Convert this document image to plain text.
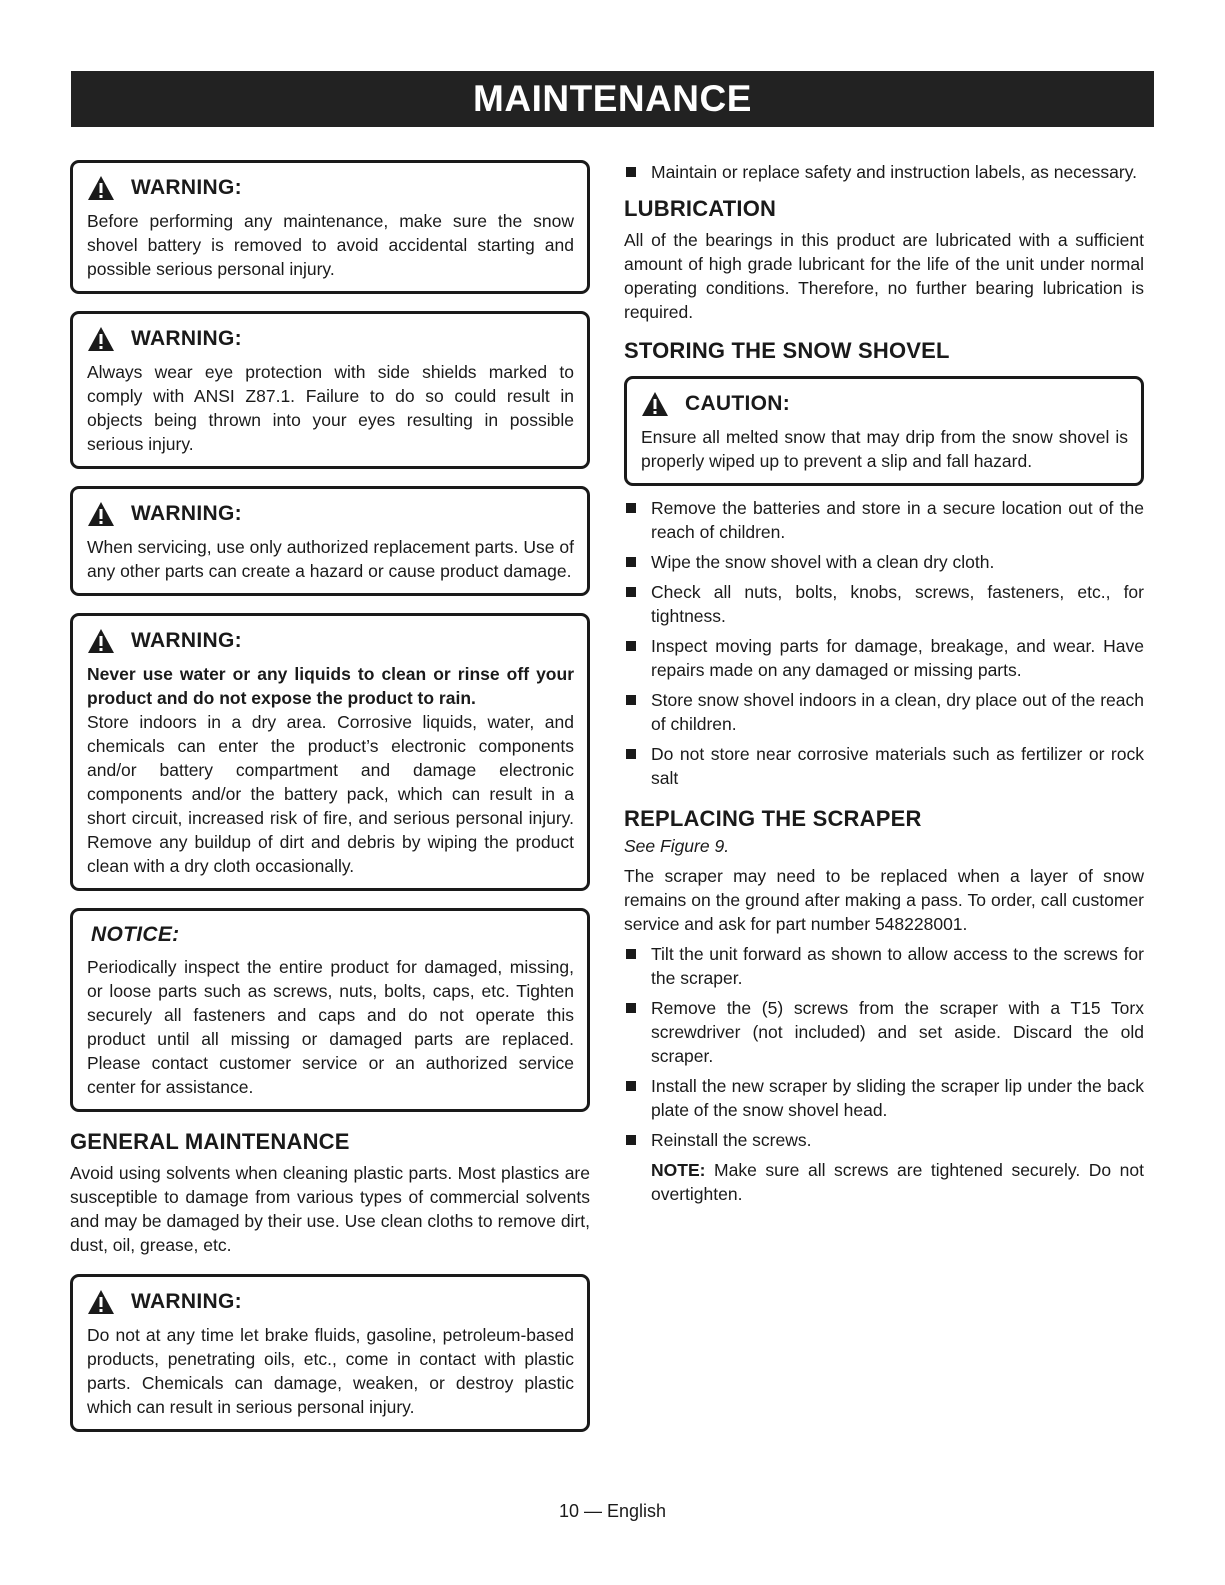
MAINTENANCE
WARNING:

Before performing any maintenance, make sure the snow shovel battery is removed to avoid accidental starting and possible serious personal injury.

WARNING:

Always wear eye protection with side shields marked to comply with ANSI Z87.1. Failure to do so could result in objects being thrown into your eyes resulting in possible serious injury.

WARNING:

When servicing, use only authorized replacement parts. Use of any other parts can create a hazard or cause product damage.

WARNING:

Never use water or any liquids to clean or rinse off your product and do not expose the product to rain.

Store indoors in a dry area. Corrosive liquids, water, and chemicals can enter the product’s electronic components and/or battery compartment and damage electronic components and/or the battery pack, which can result in a short circuit, increased risk of fire, and serious personal injury. Remove any buildup of dirt and debris by wiping the product clean with a dry cloth occasionally.

NOTICE:

Periodically inspect the entire product for damaged, missing, or loose parts such as screws, nuts, bolts, caps, etc. Tighten securely all fasteners and caps and do not operate this product until all missing or damaged parts are replaced. Please contact customer service or an authorized service center for assistance.

GENERAL MAINTENANCE

Avoid using solvents when cleaning plastic parts. Most plastics are susceptible to damage from various types of commercial solvents and may be damaged by their use. Use clean cloths to remove dirt, dust, oil, grease, etc.

WARNING:

Do not at any time let brake fluids, gasoline, petroleum-based products, penetrating oils, etc., come in contact with plastic parts. Chemicals can damage, weaken, or destroy plastic which can result in serious personal injury.

Maintain or replace safety and instruction labels, as necessary.
LUBRICATION

All of the bearings in this product are lubricated with a sufficient amount of high grade lubricant for the life of the unit under normal operating conditions. Therefore, no further bearing lubrication is required.

STORING THE SNOW SHOVEL
CAUTION:

Ensure all melted snow that may drip from the snow shovel is properly wiped up to prevent a slip and fall hazard.

Remove the batteries and store in a secure location out of the reach of children.
Wipe the snow shovel with a clean dry cloth.
Check all nuts, bolts, knobs, screws, fasteners, etc., for tightness.
Inspect moving parts for damage, breakage, and wear. Have repairs made on any damaged or missing parts.
Store snow shovel indoors in a clean, dry place out of the reach of children.
Do not store near corrosive materials such as fertilizer or rock salt
REPLACING THE SCRAPER

See Figure 9.

The scraper may need to be replaced when a layer of snow remains on the ground after making a pass. To order, call customer service and ask for part number 548228001.

Tilt the unit forward as shown to allow access to the screws for the scraper.
Remove the (5) screws from the scraper with a T15 Torx screwdriver (not included) and set aside. Discard the old scraper.
Install the new scraper by sliding the scraper lip under the back plate of the snow shovel head.
Reinstall the screws.
NOTE: Make sure all screws are tightened securely. Do not overtighten.
10 — English
